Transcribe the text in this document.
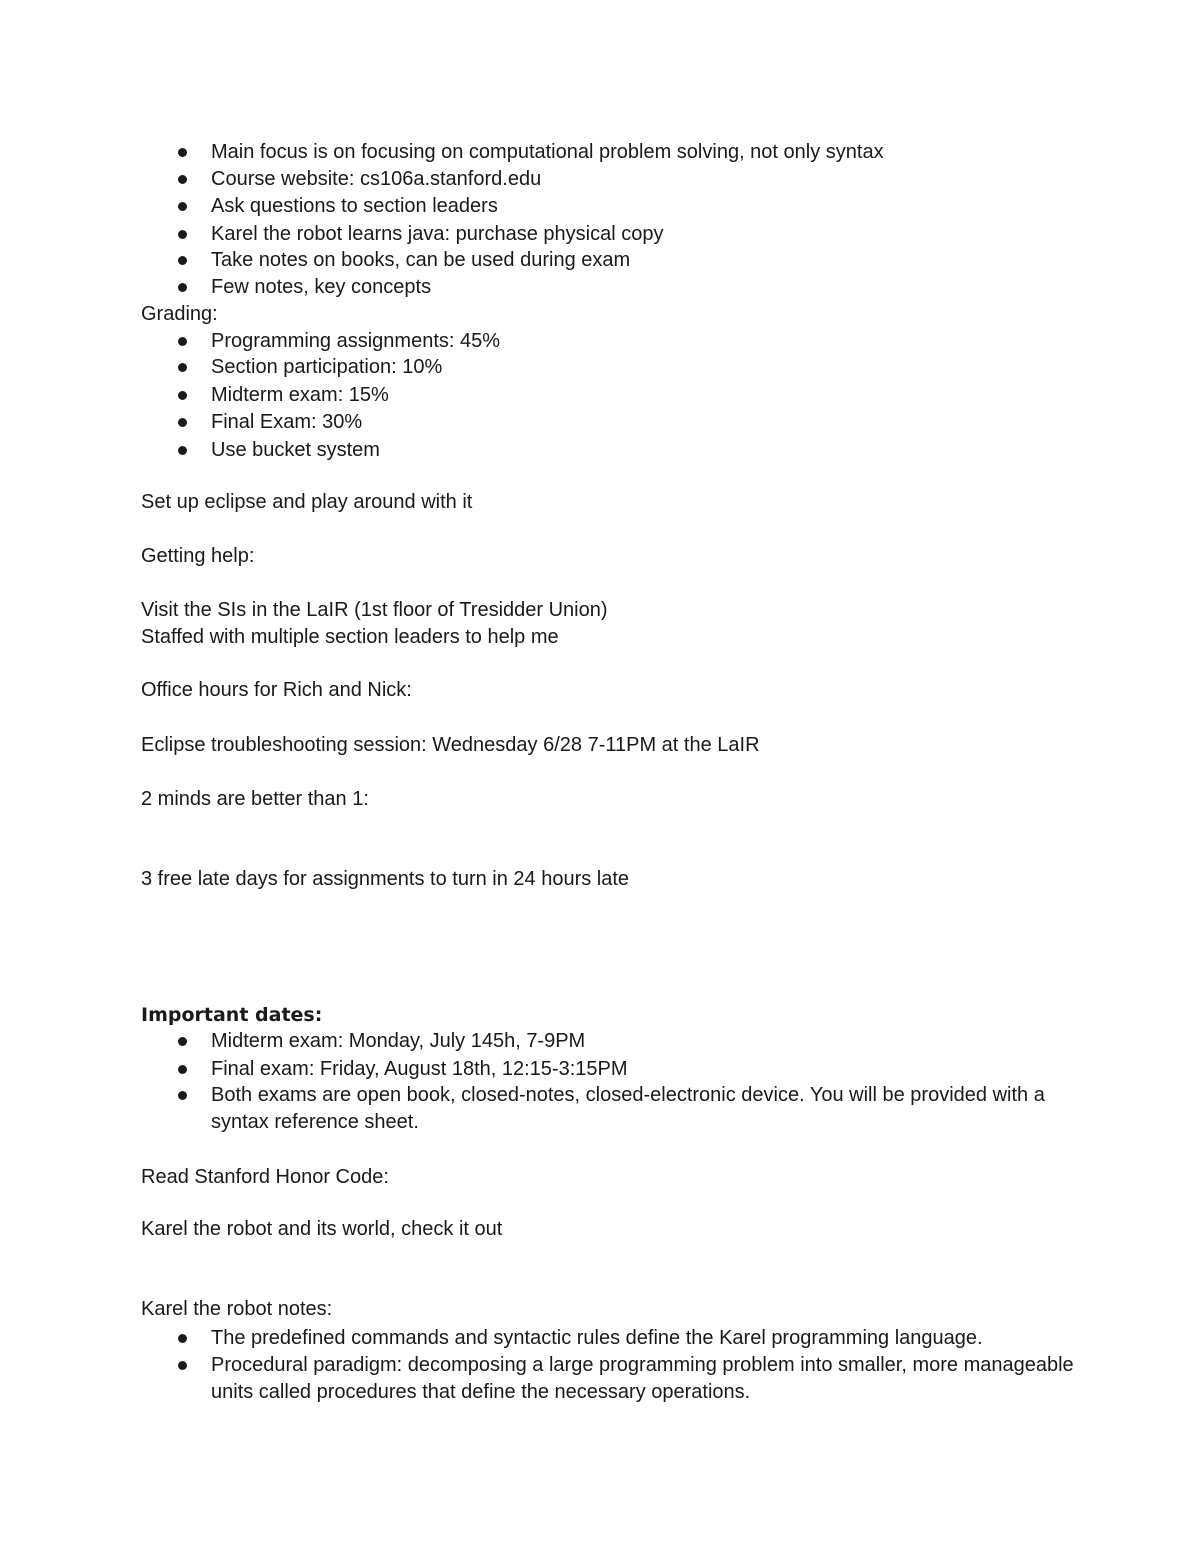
Main focus is on focusing on computational problem solving, not only syntax
Course website: cs106a.stanford.edu
Ask questions to section leaders
Karel the robot learns java: purchase physical copy
Take notes on books, can be used during exam
Few notes, key concepts
Grading:
Programming assignments: 45%
Section participation: 10%
Midterm exam: 15%
Final Exam: 30%
Use bucket system
Set up eclipse and play around with it
Getting help:
Visit the SIs in the LaIR (1st floor of Tresidder Union)
Staffed with multiple section leaders to help me
Office hours for Rich and Nick:
Eclipse troubleshooting session: Wednesday 6/28 7-11PM at the LaIR
2 minds are better than 1:
3 free late days for assignments to turn in 24 hours late
Important dates:
Midterm exam: Monday, July 145h, 7-9PM
Final exam: Friday, August 18th, 12:15-3:15PM
Both exams are open book, closed-notes, closed-electronic device. You will be provided with a syntax reference sheet.
Read Stanford Honor Code:
Karel the robot and its world, check it out
Karel the robot notes:
The predefined commands and syntactic rules define the Karel programming language.
Procedural paradigm: decomposing a large programming problem into smaller, more manageable units called procedures that define the necessary operations.
